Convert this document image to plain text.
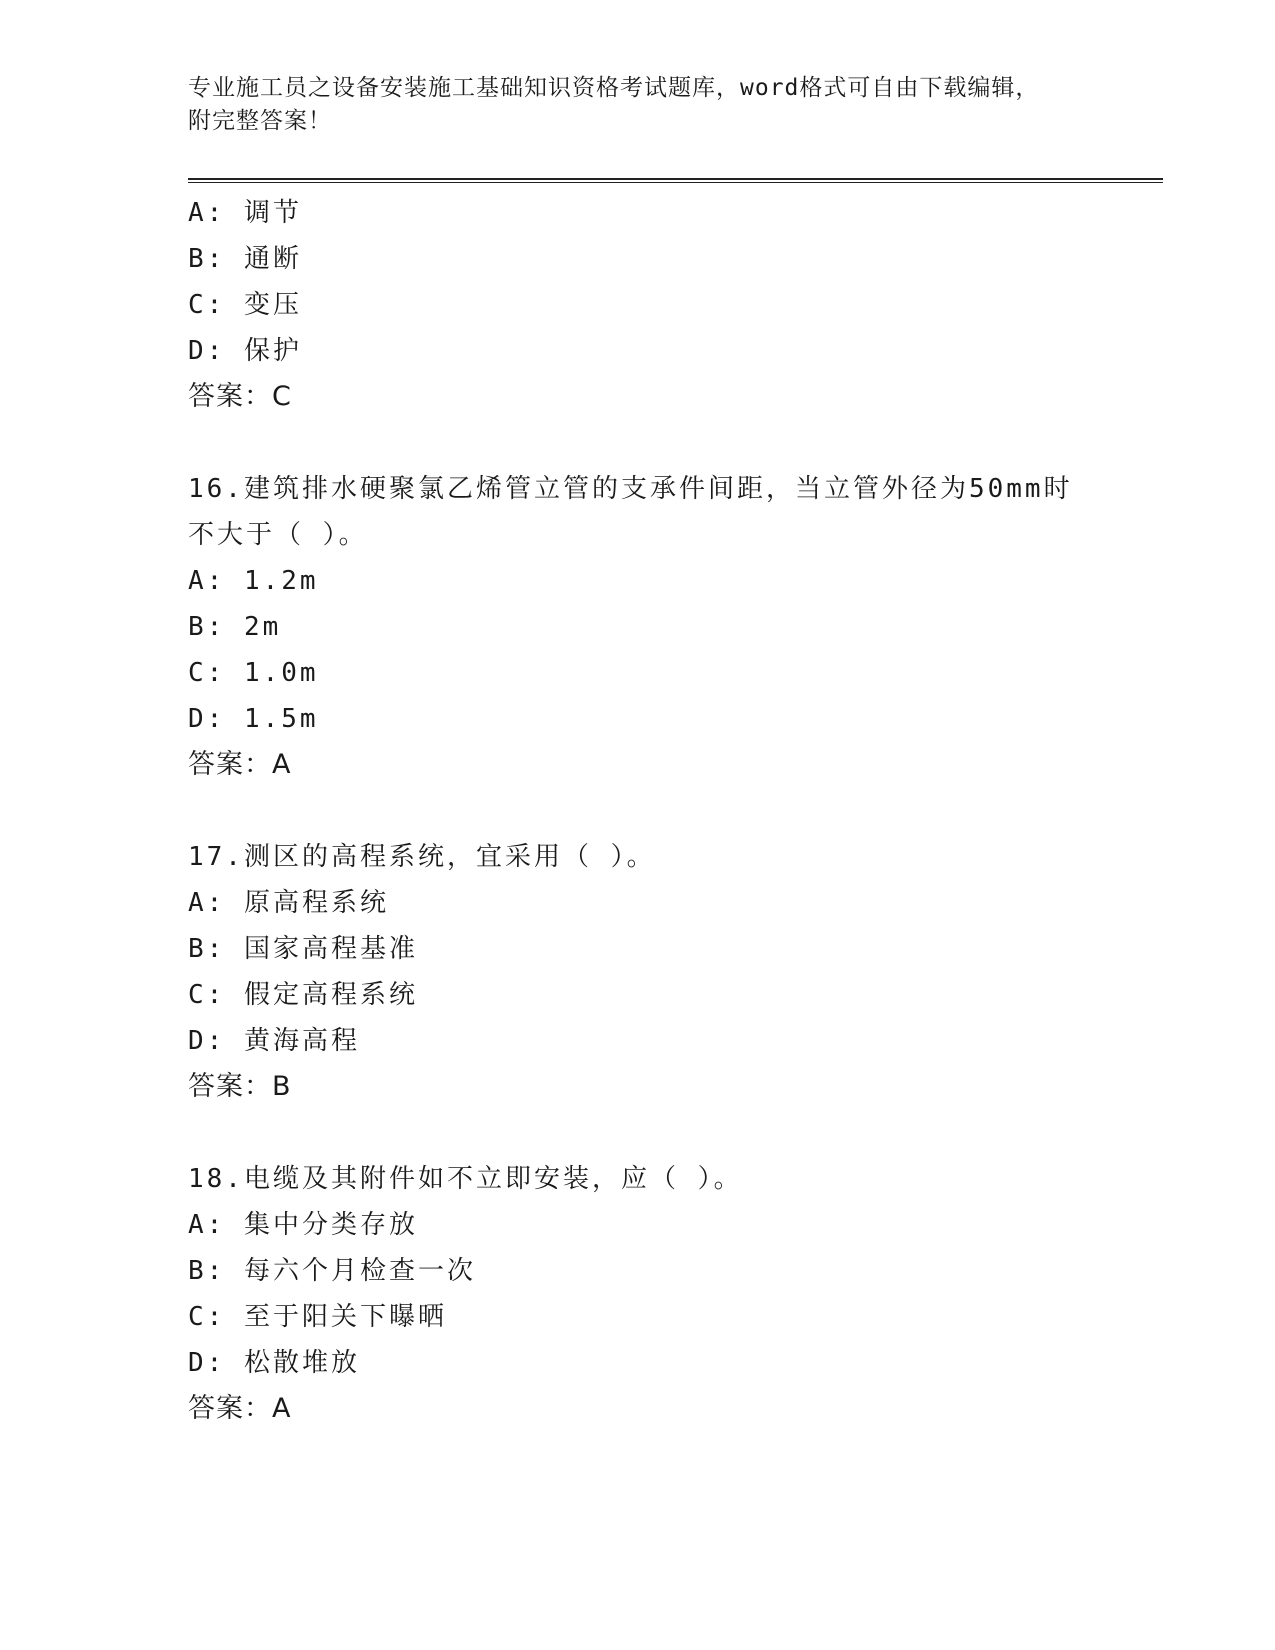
专业施工员之设备安装施工基础知识资格考试题库，word格式可自由下载编辑，
附完整答案！
A: 调节
B: 通断
C: 变压
D: 保护
答案：C
16.建筑排水硬聚氯乙烯管立管的支承件间距，当立管外径为50mm时
不大于（ ）。
A: 1.2m
B: 2m
C: 1.0m
D: 1.5m
答案：A
17.测区的高程系统，宜采用（ ）。
A: 原高程系统
B: 国家高程基准
C: 假定高程系统
D: 黄海高程
答案：B
18.电缆及其附件如不立即安装，应（ ）。
A: 集中分类存放
B: 每六个月检查一次
C: 至于阳关下曝晒
D: 松散堆放
答案：A
